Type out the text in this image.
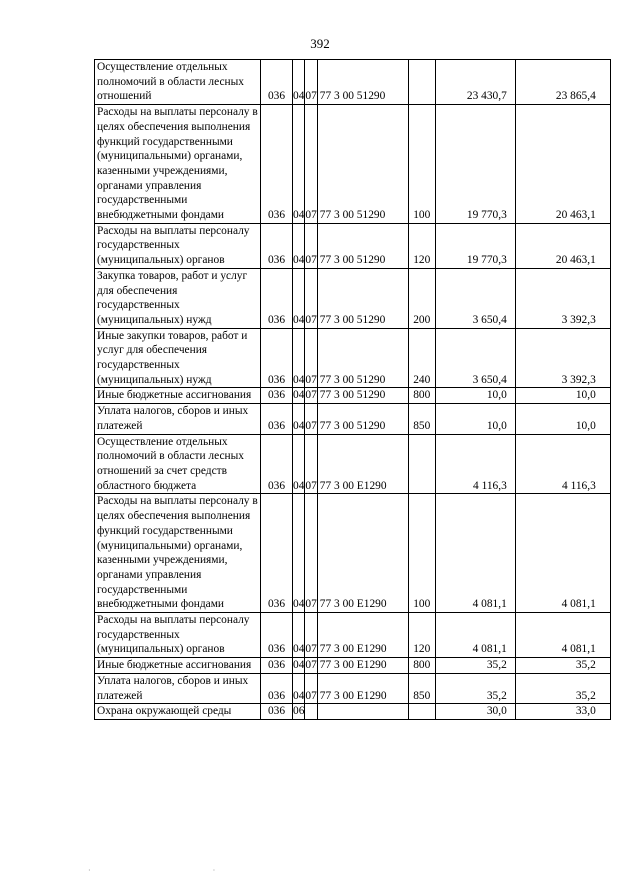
392
Осуществление отдельных полномочий в области лесных отношений	036	04	07	77 3 00 51290		23 430,7	23 865,4
Расходы на выплаты персоналу в целях обеспечения выполнения функций государственными (муниципальными) органами, казенными учреждениями, органами управления государственными внебюджетными фондами	036	04	07	77 3 00 51290	100	19 770,3	20 463,1
Расходы на выплаты персоналу государственных (муниципальных) органов	036	04	07	77 3 00 51290	120	19 770,3	20 463,1
Закупка товаров, работ и услуг для обеспечения государственных (муниципальных) нужд	036	04	07	77 3 00 51290	200	3 650,4	3 392,3
Иные закупки товаров, работ и услуг для обеспечения государственных (муниципальных) нужд	036	04	07	77 3 00 51290	240	3 650,4	3 392,3
Иные бюджетные ассигнования	036	04	07	77 3 00 51290	800	10,0	10,0
Уплата налогов, сборов и иных платежей	036	04	07	77 3 00 51290	850	10,0	10,0
Осуществление отдельных полномочий в области лесных отношений за счет средств областного бюджета	036	04	07	77 3 00 Е1290		4 116,3	4 116,3
Расходы на выплаты персоналу в целях обеспечения выполнения функций государственными (муниципальными) органами, казенными учреждениями, органами управления государственными внебюджетными фондами	036	04	07	77 3 00 Е1290	100	4 081,1	4 081,1
Расходы на выплаты персоналу государственных (муниципальных) органов	036	04	07	77 3 00 Е1290	120	4 081,1	4 081,1
Иные бюджетные ассигнования	036	04	07	77 3 00 Е1290	800	35,2	35,2
Уплата налогов, сборов и иных платежей	036	04	07	77 3 00 Е1290	850	35,2	35,2
Охрана окружающей среды	036	06				30,0	33,0
· ·
